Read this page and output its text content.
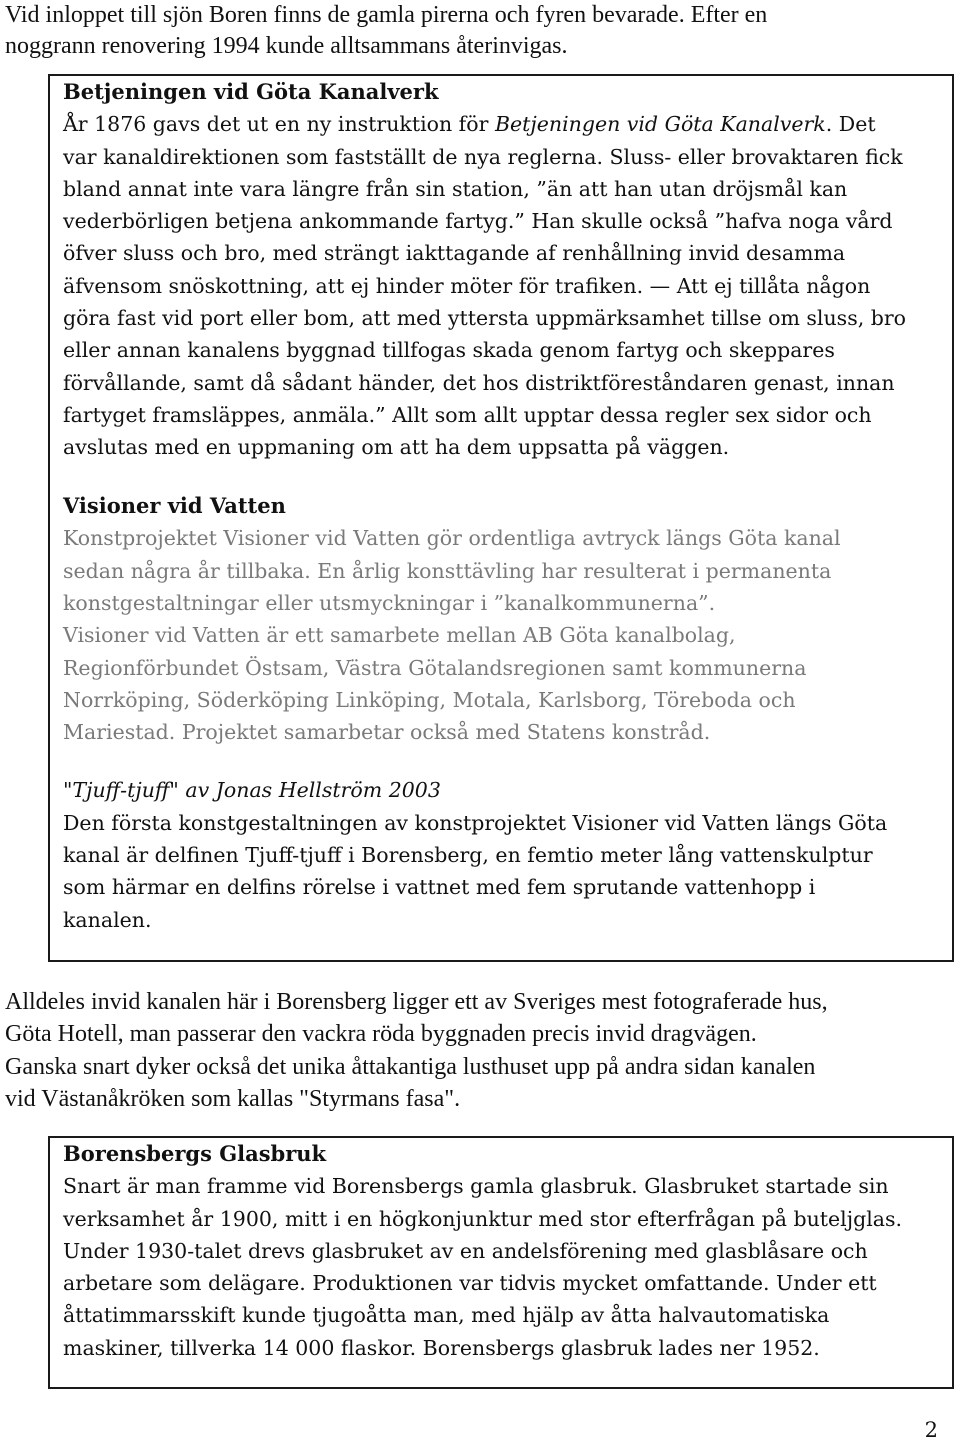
Vid inloppet till sjön Boren finns de gamla pirerna och fyren bevarade. Efter en
noggrann renovering 1994 kunde alltsammans återinvigas.
Betjeningen vid Göta Kanalverk

År 1876 gavs det ut en ny instruktion för Betjeningen vid Göta Kanalverk. Det

var kanaldirektionen som fastställt de nya reglerna. Sluss- eller brovaktaren fick

bland annat inte vara längre från sin station, ”än att han utan dröjsmål kan

vederbörligen betjena ankommande fartyg.” Han skulle också ”hafva noga vård

öfver sluss och bro, med strängt iakttagande af renhållning invid desamma

äfvensom snöskottning, att ej hinder möter för trafiken. — Att ej tillåta någon

göra fast vid port eller bom, att med yttersta uppmärksamhet tillse om sluss, bro

eller annan kanalens byggnad tillfogas skada genom fartyg och skeppares

förvållande, samt då sådant händer, det hos distriktföreståndaren genast, innan

fartyget framsläppes, anmäla.” Allt som allt upptar dessa regler sex sidor och

avslutas med en uppmaning om att ha dem uppsatta på väggen.

Visioner vid Vatten

Konstprojektet Visioner vid Vatten gör ordentliga avtryck längs Göta kanal

sedan några år tillbaka. En årlig konsttävling har resulterat i permanenta

konstgestaltningar eller utsmyckningar i ”kanalkommunerna”.

Visioner vid Vatten är ett samarbete mellan AB Göta kanalbolag,

Regionförbundet Östsam, Västra Götalandsregionen samt kommunerna

Norrköping, Söderköping Linköping, Motala, Karlsborg, Töreboda och

Mariestad. Projektet samarbetar också med Statens konstråd.

"Tjuff-tjuff" av Jonas Hellström 2003

Den första konstgestaltningen av konstprojektet Visioner vid Vatten längs Göta

kanal är delfinen Tjuff-tjuff i Borensberg, en femtio meter lång vattenskulptur

som härmar en delfins rörelse i vattnet med fem sprutande vattenhopp i

kanalen.

Alldeles invid kanalen här i Borensberg ligger ett av Sveriges mest fotograferade hus,
Göta Hotell, man passerar den vackra röda byggnaden precis invid dragvägen.
Ganska snart dyker också det unika åttakantiga lusthuset upp på andra sidan kanalen
vid Västanåkröken som kallas "Styrmans fasa".
Borensbergs Glasbruk

Snart är man framme vid Borensbergs gamla glasbruk. Glasbruket startade sin

verksamhet år 1900, mitt i en högkonjunktur med stor efterfrågan på buteljglas.

Under 1930-talet drevs glasbruket av en andelsförening med glasblåsare och

arbetare som delägare. Produktionen var tidvis mycket omfattande. Under ett

åttatimmarsskift kunde tjugoåtta man, med hjälp av åtta halvautomatiska

maskiner, tillverka 14 000 flaskor. Borensbergs glasbruk lades ner 1952.

2
